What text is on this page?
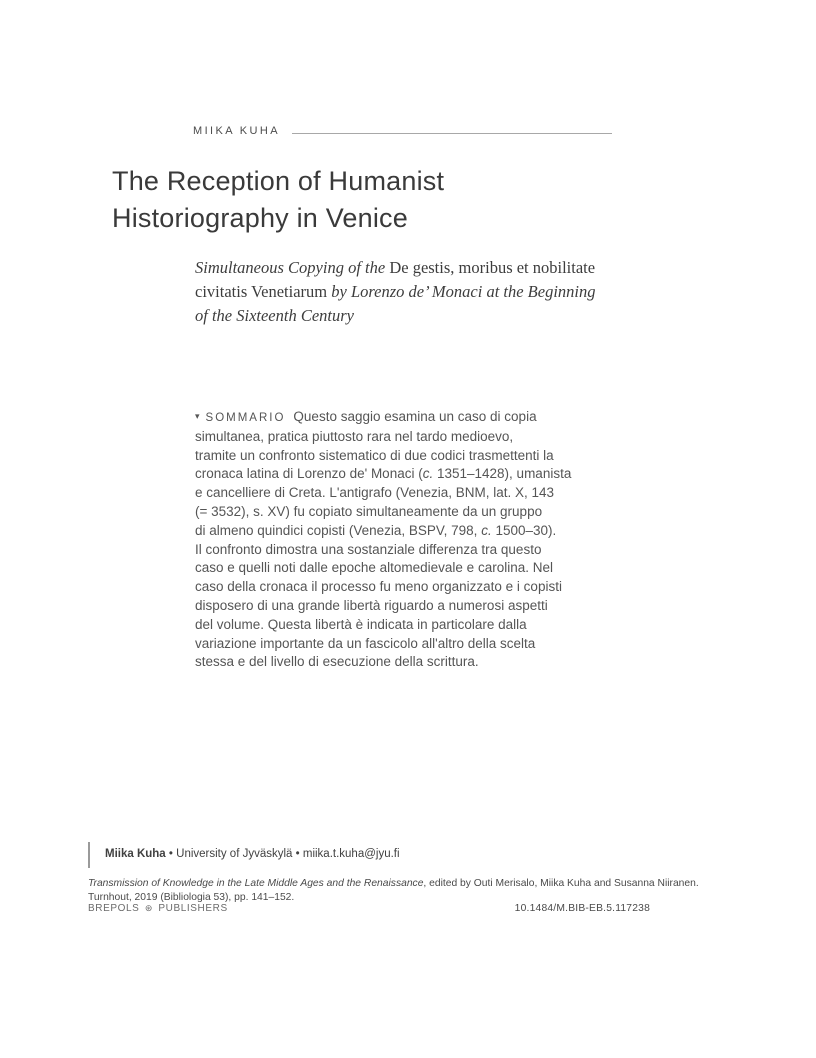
MIIKA KUHA
The Reception of Humanist
Historiography in Venice
Simultaneous Copying of the De gestis, moribus et nobilitate
civitatis Venetiarum by Lorenzo de’ Monaci at the Beginning
of the Sixteenth Century

▾ SOMMARIO Questo saggio esamina un caso di copia
simultanea, pratica piuttosto rara nel tardo medioevo,
tramite un confronto sistematico di due codici trasmettenti la
cronaca latina di Lorenzo de' Monaci (c. 1351–1428), umanista
e cancelliere di Creta. L'antigrafo (Venezia, BNM, lat. X, 143
(= 3532), s. XV) fu copiato simultaneamente da un gruppo
di almeno quindici copisti (Venezia, BSPV, 798, c. 1500–30).
Il confronto dimostra una sostanziale differenza tra questo
caso e quelli noti dalle epoche altomedievale e carolina. Nel
caso della cronaca il processo fu meno organizzato e i copisti
disposero di una grande libertà riguardo a numerosi aspetti
del volume. Questa libertà è indicata in particolare dalla
variazione importante da un fascicolo all'altro della scelta
stessa e del livello di esecuzione della scrittura.

Miika Kuha • University of Jyväskylä • miika.t.kuha@jyu.fi
Transmission of Knowledge in the Late Middle Ages and the Renaissance, edited by Outi Merisalo, Miika Kuha and Susanna Niiranen.
Turnhout, 2019 (Bibliologia 53), pp. 141–152.
BREPOLS ⊛ PUBLISHERS	10.1484/M.BIB-EB.5.117238
